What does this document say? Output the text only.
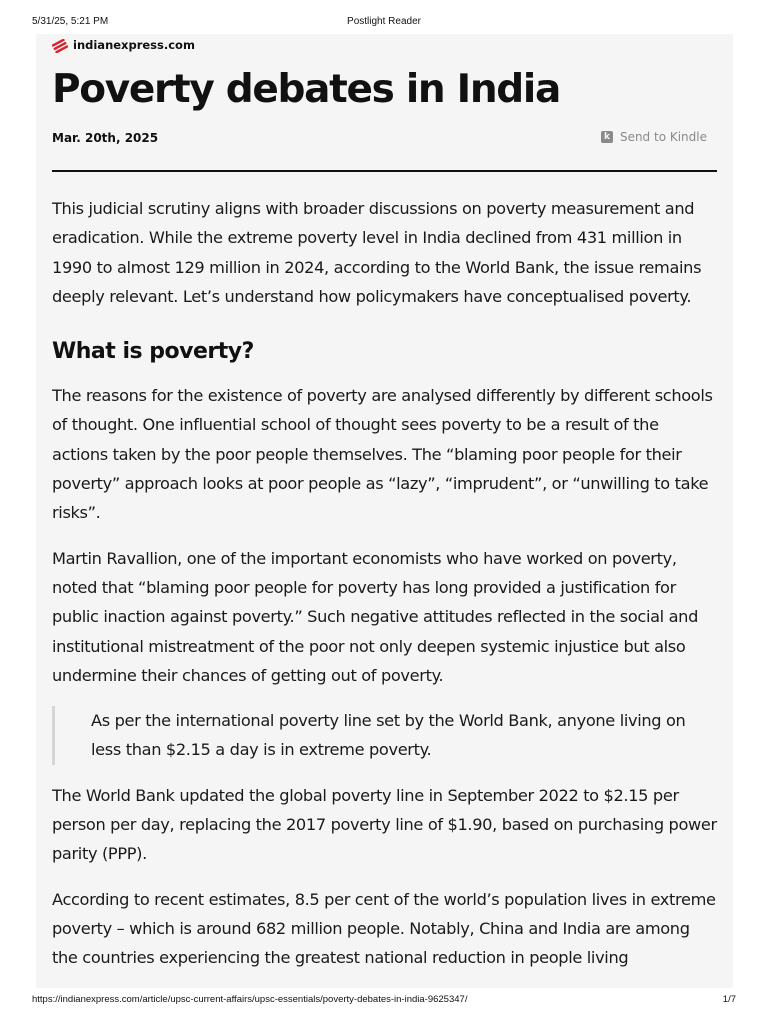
5/31/25, 5:21 PM	Postlight Reader
indianexpress.com
Poverty debates in India
Mar. 20th, 2025	k Send to Kindle

This judicial scrutiny aligns with broader discussions on poverty measurement and eradication. While the extreme poverty level in India declined from 431 million in 1990 to almost 129 million in 2024, according to the World Bank, the issue remains deeply relevant. Let’s understand how policymakers have conceptualised poverty.

What is poverty?

The reasons for the existence of poverty are analysed differently by different schools of thought. One influential school of thought sees poverty to be a result of the actions taken by the poor people themselves. The “blaming poor people for their poverty” approach looks at poor people as “lazy”, “imprudent”, or “unwilling to take risks”.

Martin Ravallion, one of the important economists who have worked on poverty, noted that “blaming poor people for poverty has long provided a justification for public inaction against poverty.” Such negative attitudes reflected in the social and institutional mistreatment of the poor not only deepen systemic injustice but also undermine their chances of getting out of poverty.

As per the international poverty line set by the World Bank, anyone living on less than $2.15 a day is in extreme poverty.

The World Bank updated the global poverty line in September 2022 to $2.15 per person per day, replacing the 2017 poverty line of $1.90, based on purchasing power parity (PPP).

According to recent estimates, 8.5 per cent of the world’s population lives in extreme poverty – which is around 682 million people. Notably, China and India are among the countries experiencing the greatest national reduction in people living

https://indianexpress.com/article/upsc-current-affairs/upsc-essentials/poverty-debates-in-india-9625347/	1/7
